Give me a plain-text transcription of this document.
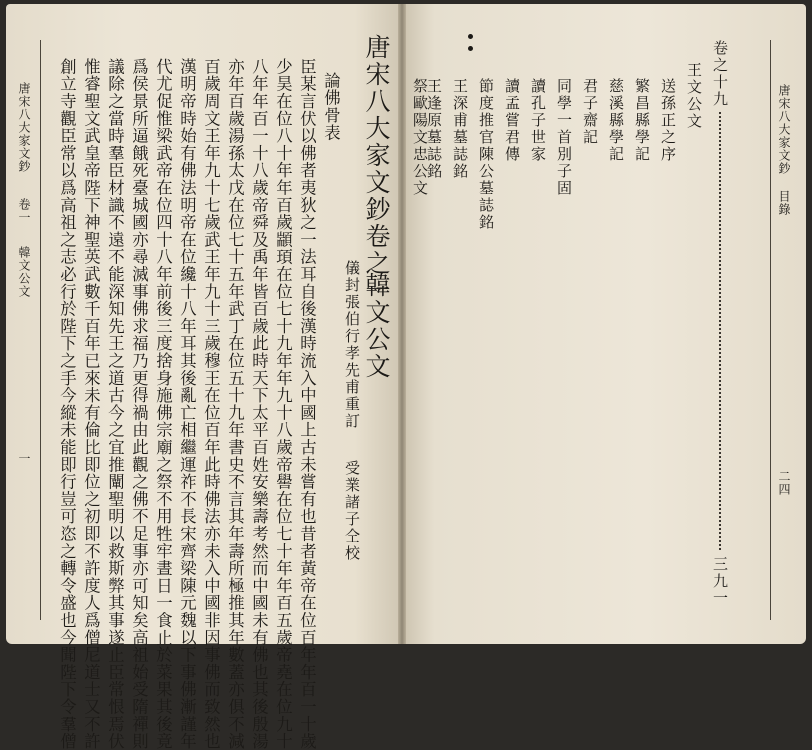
唐宋八大家文鈔
卷一
韓文公文
一	臣某言伏以佛者夷狄之一法耳自後漢時流入中國上古未嘗有也昔者黃帝在位百年年百一十歲
少昊在位八十年年百歲顓頊在位七十九年年九十八歲帝嚳在位七十年年百五歲帝堯在位九十
八年年百一十八歲帝舜及禹年皆百歲此時天下太平百姓安樂壽考然而中國未有佛也其後殷湯
亦年百歲湯孫太戊在位七十五年武丁在位五十九年書史不言其年壽所極推其年數蓋亦俱不減
百歲周文王年九十七歲武王年九十三歲穆王在位百年此時佛法亦未入中國非因事佛而致然也
漢明帝時始有佛法明帝在位纔十八年耳其後亂亡相繼運祚不長宋齊梁陳元魏以下事佛漸謹年
代尤促惟梁武帝在位四十八年前後三度捨身施佛宗廟之祭不用牲牢晝日一食止於菜果其後竟
爲侯景所逼餓死臺城國亦尋滅事佛求福乃更得禍由此觀之佛不足事亦可知矣高祖始受隋禪則
議除之當時羣臣材識不遠不能深知先王之道古今之宜推闡聖明以救斯弊其事遂止臣常恨焉伏
惟睿聖文武皇帝陛下神聖英武數千百年已來未有倫比即位之初即不許度人爲僧尼道士又不許
創立寺觀臣常以爲高祖之志必行於陛下之手今縱未能即行豈可恣之轉令盛也今聞陛下令羣僧	論佛骨表
儀封張伯行孝先甫重訂
受業諸子仝校
唐宋八大家文鈔卷之一
韓文公文
唐宋八大家文鈔
目錄
二四
卷之十九
三九一
王文公文
送孫正之序
繁昌縣學記
慈溪縣學記
君子齋記
同學一首別子固
讀孔子世家
讀孟嘗君傳
節度推官陳公墓誌銘
王深甫墓誌銘
王逢原墓誌銘
祭歐陽文忠公文
